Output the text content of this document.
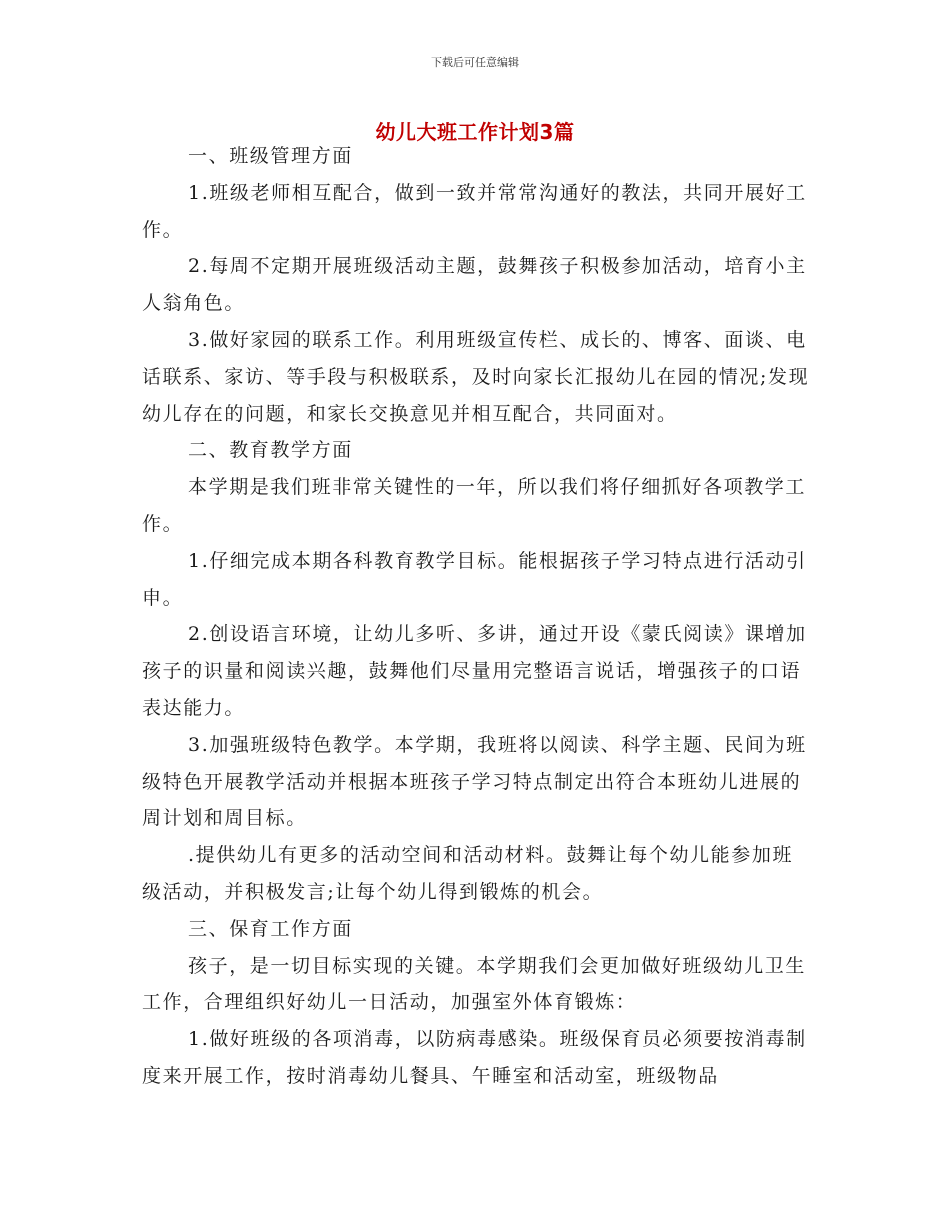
下载后可任意编辑
幼儿大班工作计划3篇

一、班级管理方面

1.班级老师相互配合，做到一致并常常沟通好的教法，共同开展好工作。

2.每周不定期开展班级活动主题，鼓舞孩子积极参加活动，培育小主人翁角色。

3.做好家园的联系工作。利用班级宣传栏、成长的、博客、面谈、电话联系、家访、等手段与积极联系，及时向家长汇报幼儿在园的情况;发现幼儿存在的问题，和家长交换意见并相互配合，共同面对。

二、教育教学方面

本学期是我们班非常关键性的一年，所以我们将仔细抓好各项教学工作。

1.仔细完成本期各科教育教学目标。能根据孩子学习特点进行活动引申。

2.创设语言环境，让幼儿多听、多讲，通过开设《蒙氏阅读》课增加孩子的识量和阅读兴趣，鼓舞他们尽量用完整语言说话，增强孩子的口语表达能力。

3.加强班级特色教学。本学期，我班将以阅读、科学主题、民间为班级特色开展教学活动并根据本班孩子学习特点制定出符合本班幼儿进展的周计划和周目标。

.提供幼儿有更多的活动空间和活动材料。鼓舞让每个幼儿能参加班级活动，并积极发言;让每个幼儿得到锻炼的机会。

三、保育工作方面

孩子，是一切目标实现的关键。本学期我们会更加做好班级幼儿卫生工作，合理组织好幼儿一日活动，加强室外体育锻炼：

1.做好班级的各项消毒，以防病毒感染。班级保育员必须要按消毒制度来开展工作，按时消毒幼儿餐具、午睡室和活动室，班级物品
